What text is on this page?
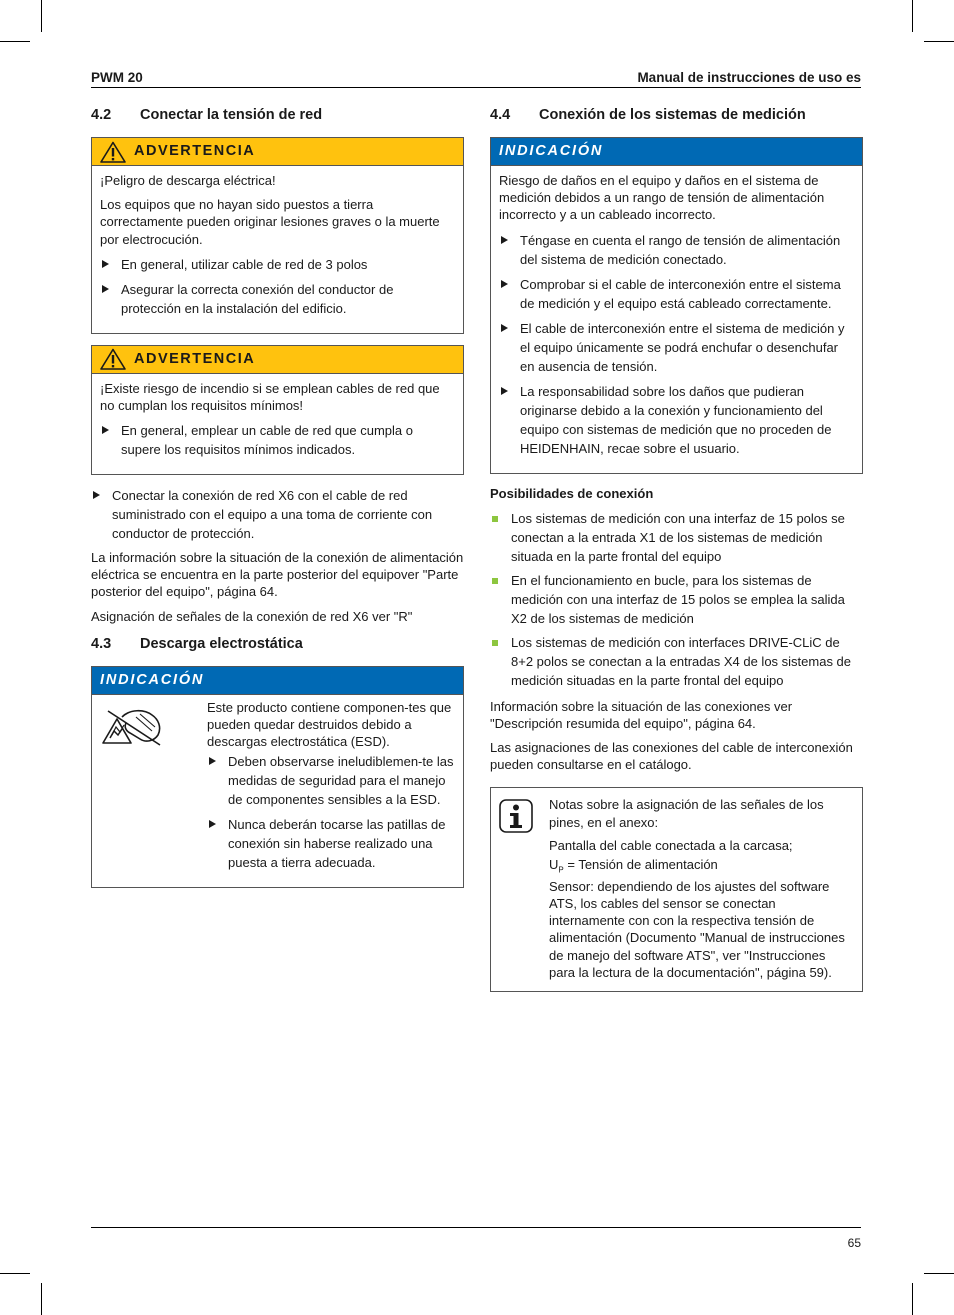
PWM 20	Manual de instrucciones de uso es
4.2	Conectar la tensión de red
ADVERTENCIA

¡Peligro de descarga eléctrica!

Los equipos que no hayan sido puestos a tierra correctamente pueden originar lesiones graves o la muerte por electrocución.

En general, utilizar cable de red de 3 polos
Asegurar la correcta conexión del conductor de protección en la instalación del edificio.
ADVERTENCIA

¡Existe riesgo de incendio si se emplean cables de red que no cumplan los requisitos mínimos!

En general, emplear un cable de red que cumpla o supere los requisitos mínimos indicados.
Conectar la conexión de red X6 con el cable de red suministrado con el equipo a una toma de corriente con conductor de protección.

La información sobre la situación de la conexión de alimentación eléctrica se encuentra en la parte posterior del equipover "Parte posterior del equipo", página 64.

Asignación de señales de la conexión de red X6 ver "R"

4.3	Descarga electrostática
INDICACIÓN

Este producto contiene componen-tes que pueden quedar destruidos debido a descargas electrostática (ESD).

Deben observarse ineludiblemen-te las medidas de seguridad para el manejo de componentes sensibles a la ESD.
Nunca deberán tocarse las patillas de conexión sin haberse realizado una puesta a tierra adecuada.
4.4	Conexión de los sistemas de medición
INDICACIÓN

Riesgo de daños en el equipo y daños en el sistema de medición debidos a un rango de tensión de alimentación incorrecto y a un cableado incorrecto.

Téngase en cuenta el rango de tensión de alimentación del sistema de medición conectado.
Comprobar si el cable de interconexión entre el sistema de medición y el equipo está cableado correctamente.
El cable de interconexión entre el sistema de medición y el equipo únicamente se podrá enchufar o desenchufar en ausencia de tensión.
La responsabilidad sobre los daños que pudieran originarse debido a la conexión y funcionamiento del equipo con sistemas de medición que no proceden de HEIDENHAIN, recae sobre el usuario.
Posibilidades de conexión
Los sistemas de medición con una interfaz de 15 polos se conectan a la entrada X1 de los sistemas de medición situada en la parte frontal del equipo
En el funcionamiento en bucle, para los sistemas de medición con una interfaz de 15 polos se emplea la salida X2 de los sistemas de medición
Los sistemas de medición con interfaces DRIVE-CLiC de 8+2 polos se conectan a la entradas X4 de los sistemas de medición situadas en la parte frontal del equipo

Información sobre la situación de las conexiones ver "Descripción resumida del equipo", página 64.

Las asignaciones de las conexiones del cable de interconexión pueden consultarse en el catálogo.

Notas sobre la asignación de las señales de los pines, en el anexo:

Pantalla del cable conectada a la carcasa;

$U_P$ = Tensión de alimentación

Sensor: dependiendo de los ajustes del software ATS, los cables del sensor se conectan internamente con con la respectiva tensión de alimentación (Documento "Manual de instrucciones de manejo del software ATS", ver "Instrucciones para la lectura de la documentación", página 59).

65
